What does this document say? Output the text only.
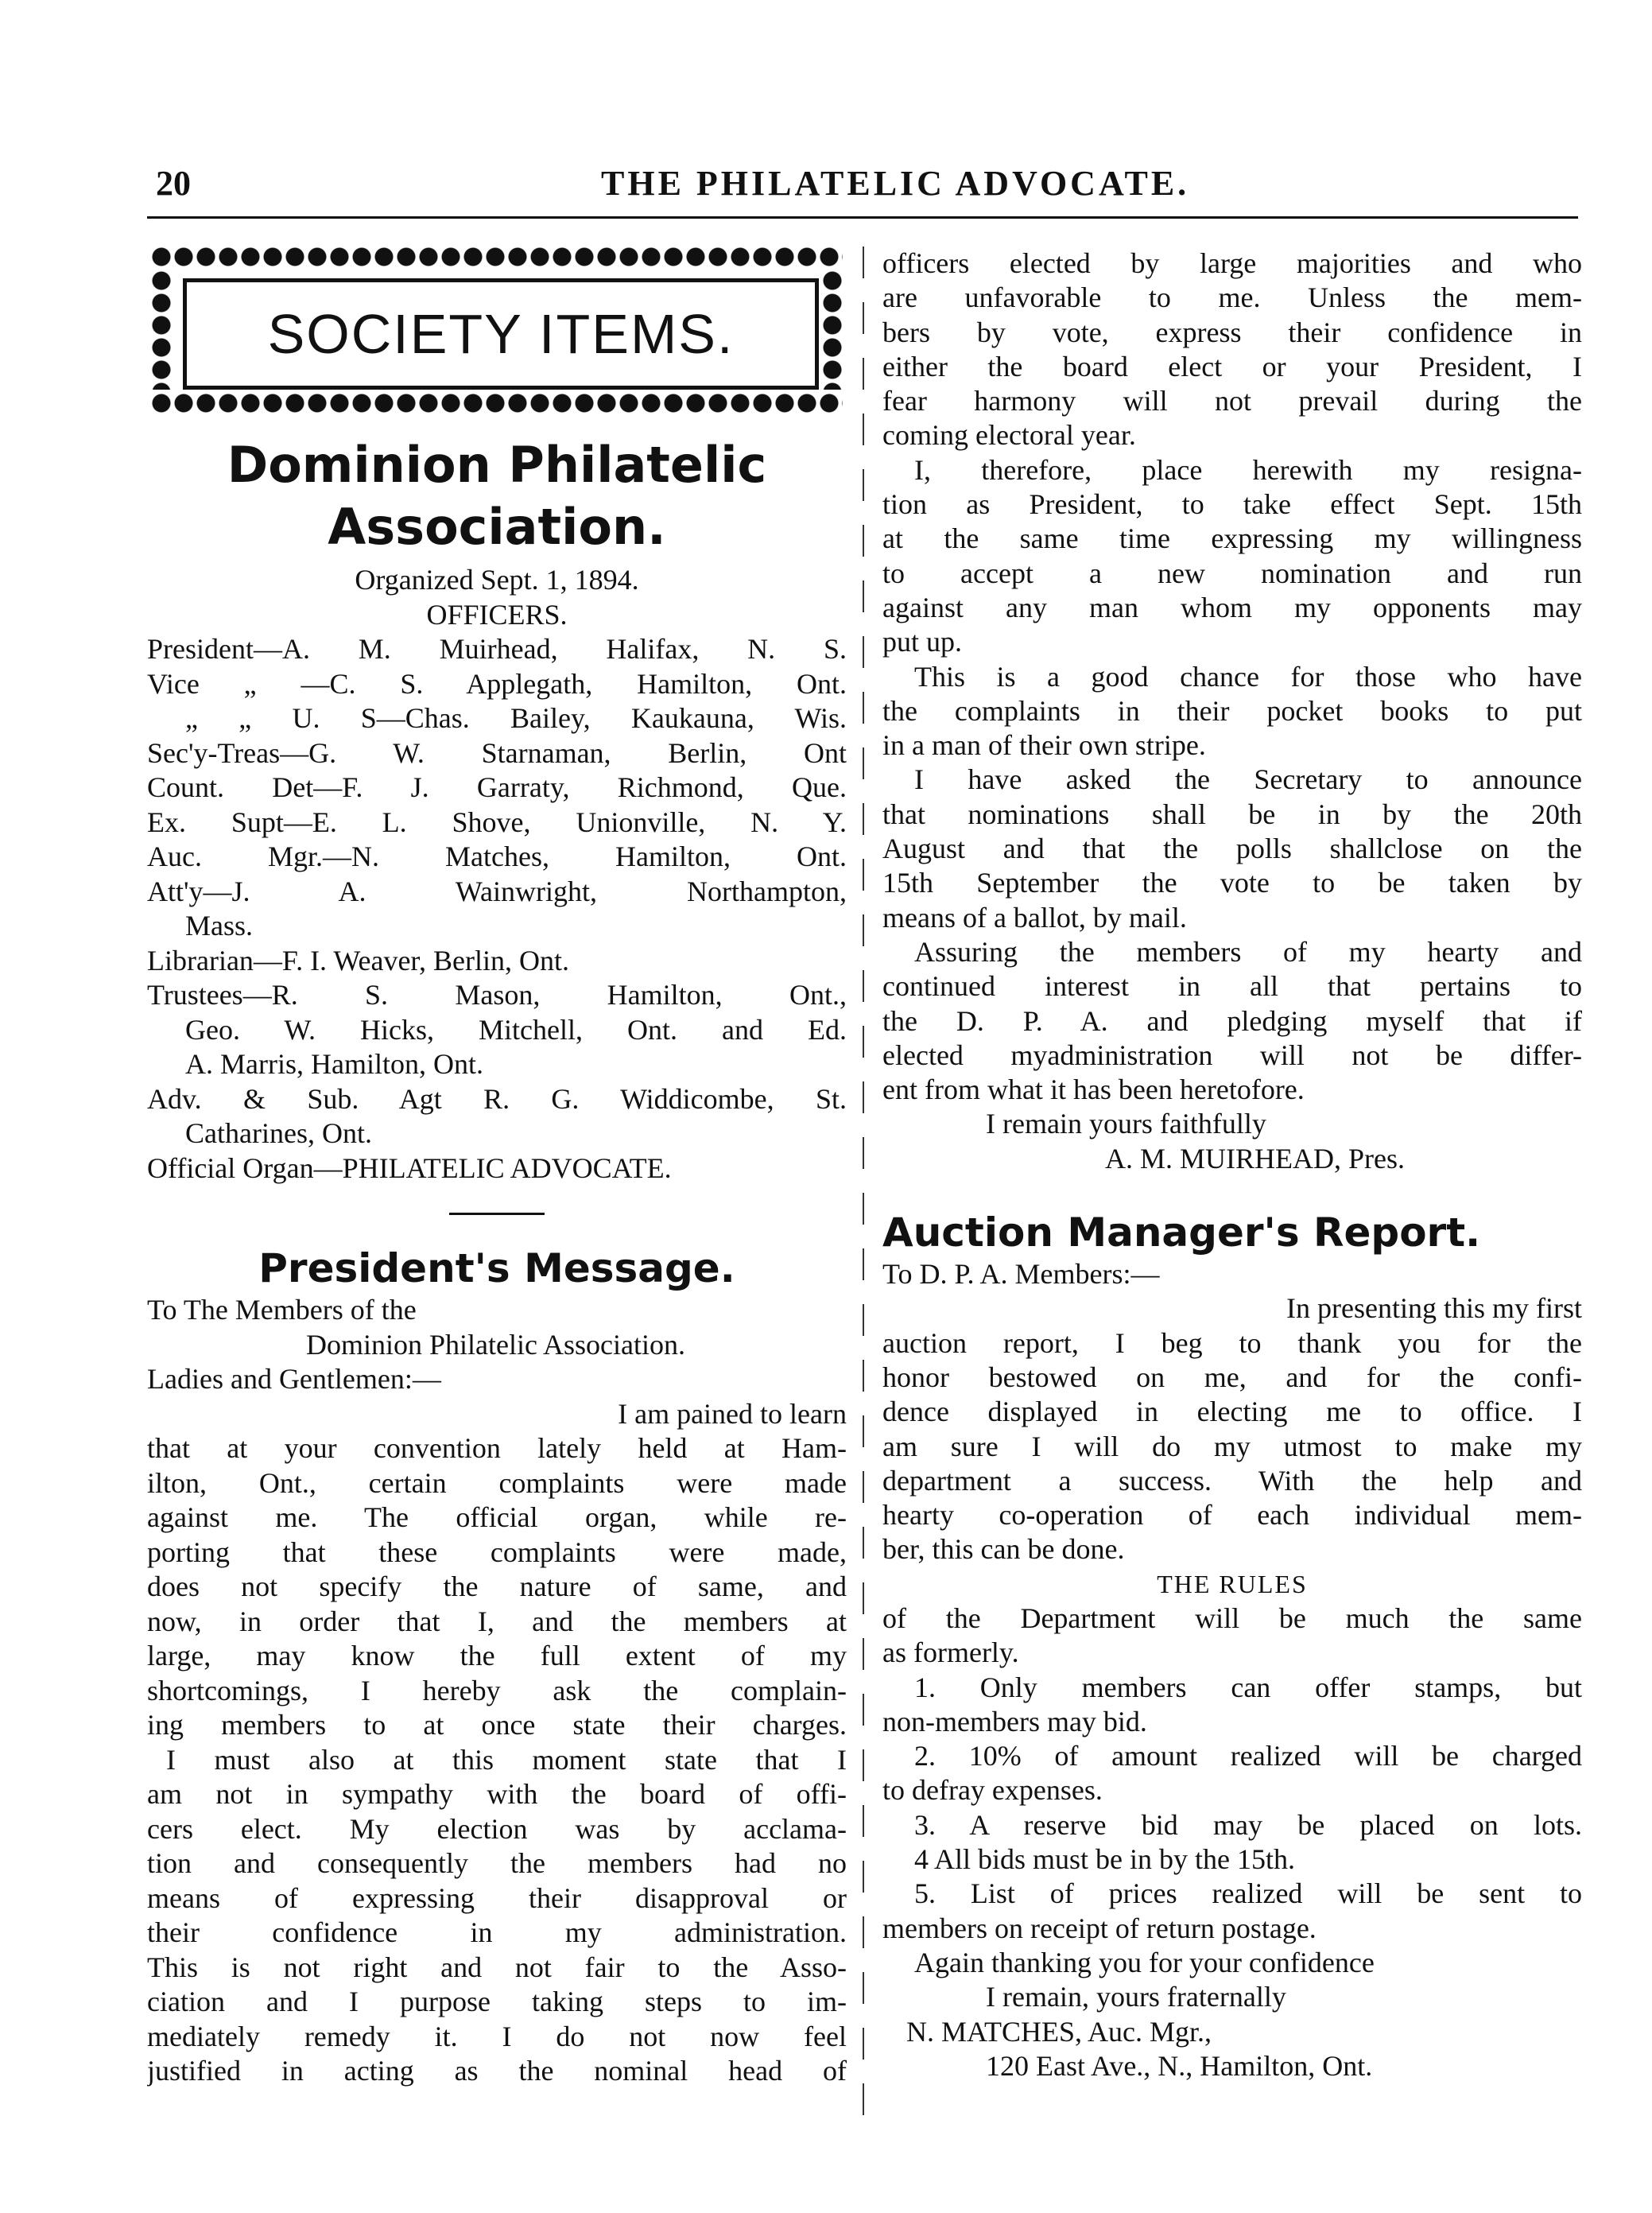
20	THE PHILATELIC ADVOCATE.
SOCIETY ITEMS.
Dominion Philatelic
Association.
Organized Sept. 1, 1894.
OFFICERS.
President—A. M. Muirhead, Halifax, N. S.
Vice „ —C. S. Applegath, Hamilton, Ont.
„ „ U. S—Chas. Bailey, Kaukauna, Wis.
Sec'y-Treas—G. W. Starnaman, Berlin, Ont
Count. Det—F. J. Garraty, Richmond, Que.
Ex. Supt—E. L. Shove, Unionville, N. Y.
Auc. Mgr.—N. Matches, Hamilton, Ont.
Att'y—J. A. Wainwright, Northampton,
Mass.
Librarian—F. I. Weaver, Berlin, Ont.
Trustees—R. S. Mason, Hamilton, Ont.,
Geo. W. Hicks, Mitchell, Ont. and Ed.
A. Marris, Hamilton, Ont.
Adv. & Sub. Agt R. G. Widdicombe, St.
Catharines, Ont.
Official Organ—PHILATELIC ADVOCATE.
President's Message.
To The Members of the
Dominion Philatelic Association.
Ladies and Gentlemen:—
I am pained to learn
that at your convention lately held at Ham-
ilton, Ont., certain complaints were made
against me. The official organ, while re-
porting that these complaints were made,
does not specify the nature of same, and
now, in order that I, and the members at
large, may know the full extent of my
shortcomings, I hereby ask the complain-
ing members to at once state their charges.
I must also at this moment state that I
am not in sympathy with the board of offi-
cers elect. My election was by acclama-
tion and consequently the members had no
means of expressing their disapproval or
their confidence in my administration.
This is not right and not fair to the Asso-
ciation and I purpose taking steps to im-
mediately remedy it. I do not now feel
justified in acting as the nominal head of
officers elected by large majorities and who
are unfavorable to me. Unless the mem-
bers by vote, express their confidence in
either the board elect or your President, I
fear harmony will not prevail during the
coming electoral year.
I, therefore, place herewith my resigna-
tion as President, to take effect Sept. 15th
at the same time expressing my willingness
to accept a new nomination and run
against any man whom my opponents may
put up.
This is a good chance for those who have
the complaints in their pocket books to put
in a man of their own stripe.
I have asked the Secretary to announce
that nominations shall be in by the 20th
August and that the polls shallclose on the
15th September the vote to be taken by
means of a ballot, by mail.
Assuring the members of my hearty and
continued interest in all that pertains to
the D. P. A. and pledging myself that if
elected myadministration will not be differ-
ent from what it has been heretofore.
I remain yours faithfully
A. M. MUIRHEAD, Pres.
Auction Manager's Report.
To D. P. A. Members:—
In presenting this my first
auction report, I beg to thank you for the
honor bestowed on me, and for the confi-
dence displayed in electing me to office. I
am sure I will do my utmost to make my
department a success. With the help and
hearty co-operation of each individual mem-
ber, this can be done.
THE RULES
of the Department will be much the same
as formerly.
1. Only members can offer stamps, but
non-members may bid.
2. 10% of amount realized will be charged
to defray expenses.
3. A reserve bid may be placed on lots.
4 All bids must be in by the 15th.
5. List of prices realized will be sent to
members on receipt of return postage.
Again thanking you for your confidence
I remain, yours fraternally
N. MATCHES, Auc. Mgr.,
120 East Ave., N., Hamilton, Ont.
